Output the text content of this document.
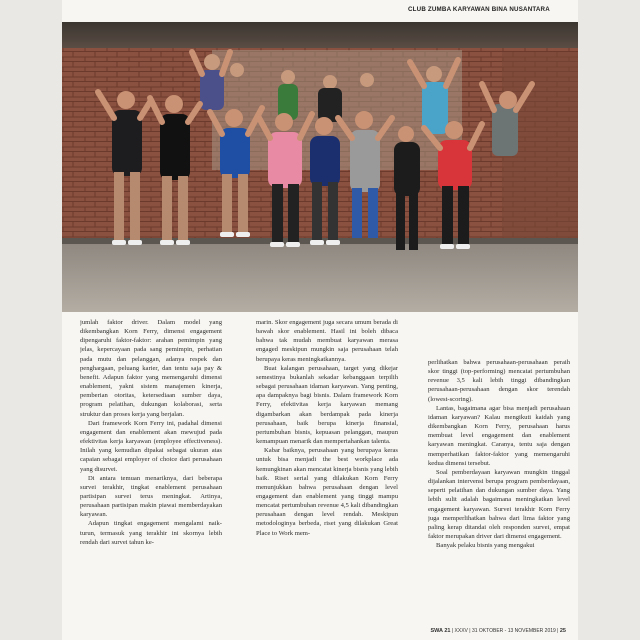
CLUB ZUMBA KARYAWAN BINA NUSANTARA

jumlah faktor driver. Dalam model yang dikembangkan Korn Ferry, dimensi engagement dipengaruhi faktor-faktor: arahan pemimpin yang jelas, kepercayaan pada sang pemimpin, perhatian pada mutu dan pelanggan, adanya respek dan penghargaan, peluang karier, dan tentu saja pay & benefit. Adapun faktor yang memengaruhi dimensi enablement, yakni sistem manajemen kinerja, pemberian otoritas, ketersediaan sumber daya, program pelatihan, dukungan kolaborasi, serta struktur dan proses kerja yang berjalan.

Dari framework Korn Ferry ini, padahal dimensi engagement dan enablement akan mewujud pada efektivitas kerja karyawan (employee effectiveness). Inilah yang kemudian dipakai sebagai ukuran atas capaian sebagai employer of choice dari perusahaan yang disurvei.

Di antara temuan menariknya, dari beberapa survei terakhir, tingkat enablement perusahaan partisipan survei terus meningkat. Artinya, perusahaan partisipan makin piawai memberdayakan karyawan.

Adapun tingkat engagement mengalami naik-turun, termasuk yang terakhir ini skornya lebih rendah dari survei tahun ke-

marin. Skor engagement juga secara umum berada di bawah skor enablement. Hasil ini boleh dibaca bahwa tak mudah membuat karyawan merasa engaged meskipun mungkin saja perusahaan telah berupaya keras meningkatkannya.

Buat kalangan perusahaan, target yang dikejar semestinya bukanlah sekadar kebanggaan terpilih sebagai perusahaan idaman karyawan. Yang penting, apa dampaknya bagi bisnis. Dalam framework Korn Ferry, efektivitas kerja karyawan memang digambarkan akan berdampak pada kinerja perusahaan, baik berupa kinerja finansial, pertumbuhan bisnis, kepuasan pelanggan, maupun kemampuan menarik dan mempertahankan talenta.

Kabar baiknya, perusahaan yang berupaya keras untuk bisa menjadi the best workplace ada kemungkinan akan mencatat kinerja bisnis yang lebih baik. Riset serial yang dilakukan Korn Ferry menunjukkan bahwa perusahaan dengan level engagement dan enablement yang tinggi mampu mencatat pertumbuhan revenue 4,5 kali dibandingkan perusahaan dengan level rendah. Meskipun metodologinya berbeda, riset yang dilakukan Great Place to Work mem-

perlihatkan bahwa perusahaan-perusahaan peraih skor tinggi (top-performing) mencatat pertumbuhan revenue 3,5 kali lebih tinggi dibandingkan perusahaan-perusahaan dengan skor terendah (lowest-scoring).

Lantas, bagaimana agar bisa menjadi perusahaan idaman karyawan? Kalau mengikuti kaidah yang dikembangkan Korn Ferry, perusahaan harus membuat level engagement dan enablement karyawan meningkat. Caranya, tentu saja dengan memperhatikan faktor-faktor yang memengaruhi kedua dimensi tersebut.

Soal pemberdayaan karyawan mungkin tinggal dijalankan intervensi berupa program pemberdayaan, seperti pelatihan dan dukungan sumber daya. Yang lebih sulit adalah bagaimana meningkatkan level engagement karyawan. Survei terakhir Korn Ferry juga memperlihatkan bahwa dari lima faktor yang paling kerap ditandai oleh responden survei, empat faktor merupakan driver dari dimensi engagement.

Banyak pelaku bisnis yang mengakui

SWA 21 | XXXV | 31 OKTOBER - 13 NOVEMBER 2019 | 25
